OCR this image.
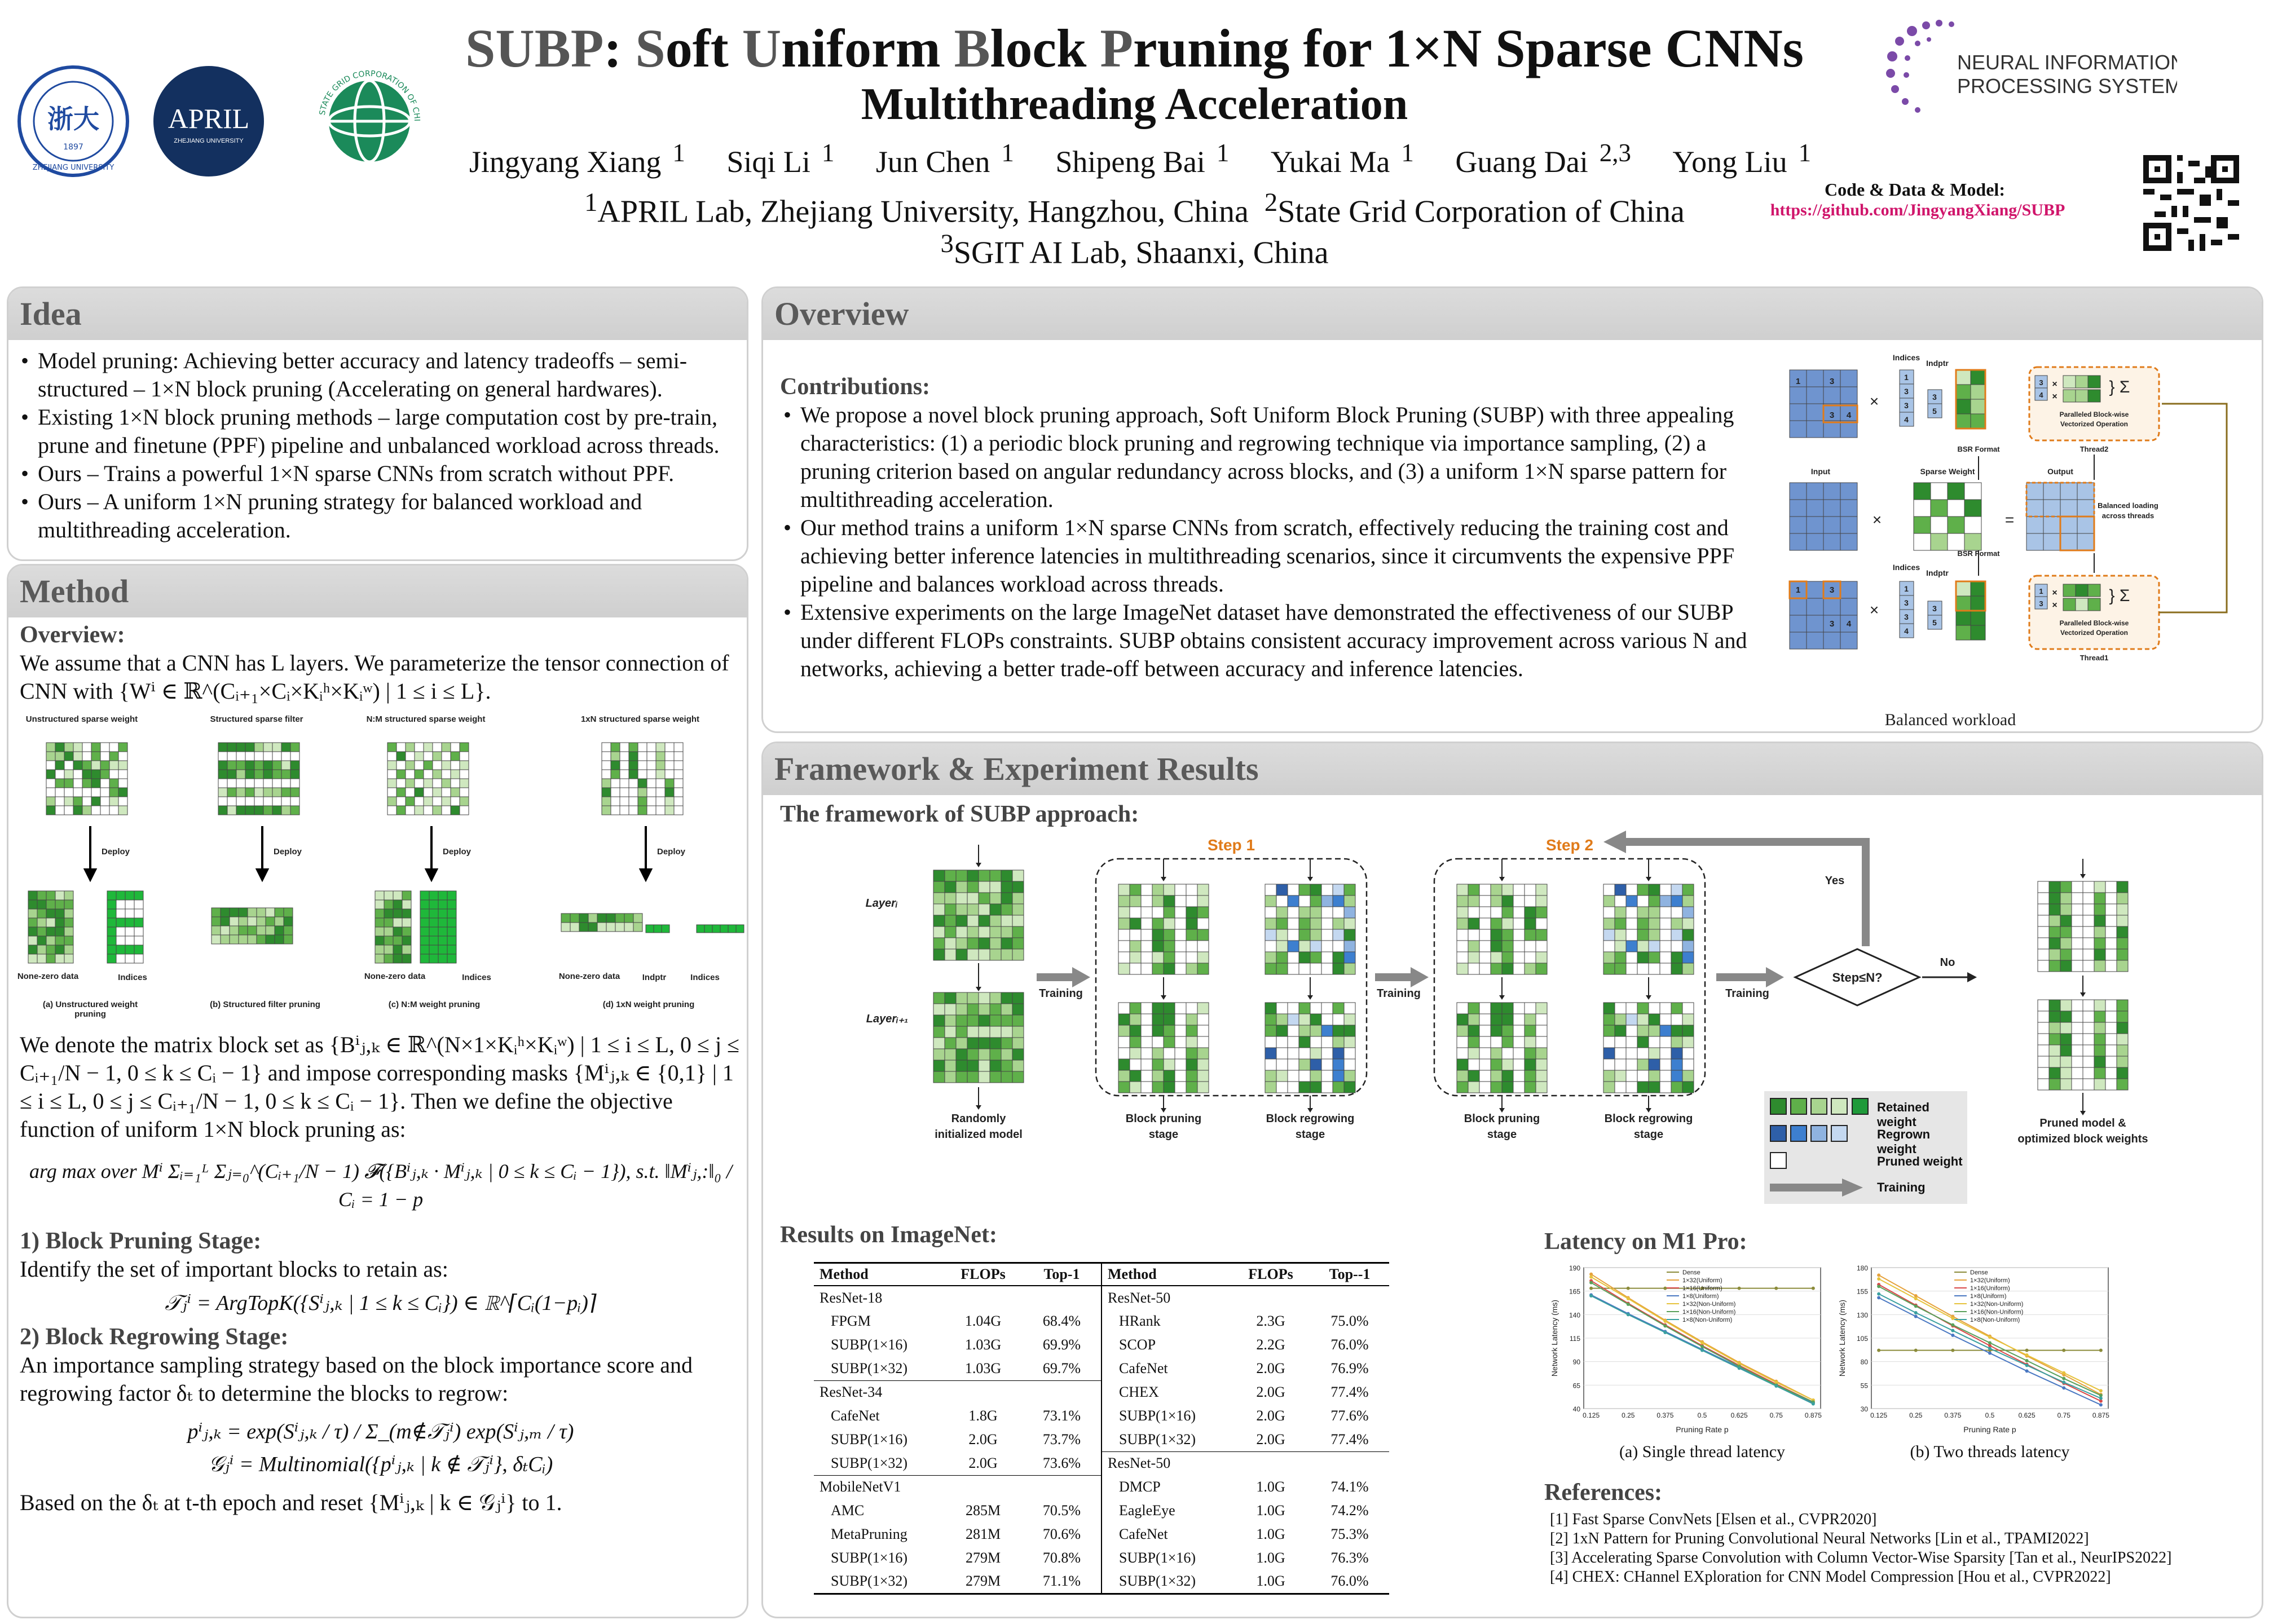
浙大
1897
ZHEJIANG UNIVERSITY
APRIL
ZHEJIANG UNIVERSITY
STATE GRID CORPORATION OF CHI
SUBP: Soft Uniform Block Pruning for 1×N Sparse CNNs
Multithreading Acceleration
Jingyang Xiang $^1$ Siqi Li $^1$ Jun Chen $^1$ Shipeng Bai $^1$ Yukai Ma $^1$ Guang Dai $^{2,3}$ Yong Liu $^1$
$^1$APRIL Lab, Zhejiang University, Hangzhou, China $^2$State Grid Corporation of China
$^3$SGIT AI Lab, Shaanxi, China
NEURAL INFORMATION
PROCESSING SYSTEMS
Code & Data & Model:
https://github.com/JingyangXiang/SUBP
Idea
• Model pruning: Achieving better accuracy and latency tradeoffs – semi-structured – 1×N block pruning (Accelerating on general hardwares).
• Existing 1×N block pruning methods – large computation cost by pre-train, prune and finetune (PPF) pipeline and unbalanced workload across threads.
• Ours – Trains a powerful 1×N sparse CNNs from scratch without PPF.
• Ours – A uniform 1×N pruning strategy for balanced workload and multithreading acceleration.
Method
Overview:
We assume that a CNN has L layers. We parameterize the tensor connection of CNN with {Wⁱ ∈ ℝ^(Cᵢ₊₁×Cᵢ×Kᵢʰ×Kᵢʷ) | 1 ≤ i ≤ L}.
Unstructured sparse weight	Structured sparse filter	N:M structured sparse weight	1xN structured sparse weight
Deploy	Deploy	Deploy	Deploy
None-zero data	Indices	None-zero data	None-zero data	Indptr	Indices
Indices
(a) Unstructured weight pruning
(b) Structured filter pruning	(c) N:M weight pruning	(d) 1xN weight pruning
We denote the matrix block set as {Bⁱⱼ,ₖ ∈ ℝ^(N×1×Kᵢʰ×Kᵢʷ) | 1 ≤ i ≤ L, 0 ≤ j ≤ Cᵢ₊₁/N − 1, 0 ≤ k ≤ Cᵢ − 1} and impose corresponding masks {Mⁱⱼ,ₖ ∈ {0,1} | 1 ≤ i ≤ L, 0 ≤ j ≤ Cᵢ₊₁/N − 1, 0 ≤ k ≤ Cᵢ − 1}. Then we define the objective function of uniform 1×N block pruning as:
arg max over Mⁱ Σᵢ₌₁ᴸ Σⱼ₌₀^(Cᵢ₊₁/N − 1) 𝓕({Bⁱⱼ,ₖ · Mⁱⱼ,ₖ | 0 ≤ k ≤ Cᵢ − 1}), s.t. ‖Mⁱⱼ,:‖₀ / Cᵢ = 1 − p
1) Block Pruning Stage:
Identify the set of important blocks to retain as:
𝒯ⱼⁱ = ArgTopK({Sⁱⱼ,ₖ | 1 ≤ k ≤ Cᵢ}) ∈ ℝ^⌈Cᵢ(1−pᵢ)⌉
2) Block Regrowing Stage:
An importance sampling strategy based on the block importance score and regrowing factor δₜ to determine the blocks to regrow:
pⁱⱼ,ₖ = exp(Sⁱⱼ,ₖ / τ) / Σ_(m∉𝒯ⱼⁱ) exp(Sⁱⱼ,ₘ / τ)
𝒢ⱼⁱ = Multinomial({pⁱⱼ,ₖ | k ∉ 𝒯ⱼⁱ}, δₜCᵢ)
Based on the δₜ at t-th epoch and reset {Mⁱⱼ,ₖ | k ∈ 𝒢ⱼⁱ} to 1.
Overview
Contributions:
• We propose a novel block pruning approach, Soft Uniform Block Pruning (SUBP) with three appealing characteristics: (1) a periodic block pruning and regrowing technique via importance sampling, (2) a pruning criterion based on angular redundancy across blocks, and (3) a uniform 1×N sparse pattern for multithreading acceleration.
• Our method trains a uniform 1×N sparse CNNs from scratch, effectively reducing the training cost and achieving better inference latencies in multithreading scenarios, since it circumvents the expensive PPF pipeline and balances workload across threads.
• Extensive experiments on the large ImageNet dataset have demonstrated the effectiveness of our SUBP under different FLOPs constraints. SUBP obtains consistent accuracy improvement across various N and networks, achieving a better trade-off between accuracy and inference latencies.
1	3
3 4
×
Indices
Indptr
1
3
3
4
3
5
BSR Format
3
4
×
×
} Σ
Paralleled Block-wise
Vectorized Operation
Thread2
Input
×
Sparse Weight
=
Output
Balanced loading
across threads
1	3
3 4
×
Indices
Indptr
1
3
3
4
3
5
BSR Format
1
3
×
×
} Σ
Paralleled Block-wise
Vectorized Operation
Thread1
Balanced workload
Framework & Experiment Results
The framework of SUBP approach:
Layerᵢ
Layerᵢ₊₁
Randomly
initialized model
Training
Step 1
Block pruning
stage
Block regrowing
stage
Training
Step 2
Block pruning
stage
Block regrowing
stage
Training
Step≤N?
Yes
No
Pruned model &
optimized block weights

Retained weight
Regrown weight
Pruned weight
Training
Results on ImageNet:
Method	FLOPs	Top-1	Method	FLOPs	Top--1
ResNet-18			ResNet-50		
FPGM	1.04G	68.4%	HRank	2.3G	75.0%
SUBP(1×16)	1.03G	69.9%	SCOP	2.2G	76.0%
SUBP(1×32)	1.03G	69.7%	CafeNet	2.0G	76.9%
ResNet-34			CHEX	2.0G	77.4%
CafeNet	1.8G	73.1%	SUBP(1×16)	2.0G	77.6%
SUBP(1×16)	2.0G	73.7%	SUBP(1×32)	2.0G	77.4%
SUBP(1×32)	2.0G	73.6%	ResNet-50		
MobileNetV1			DMCP	1.0G	74.1%
AMC	285M	70.5%	EagleEye	1.0G	74.2%
MetaPruning	281M	70.6%	CafeNet	1.0G	75.3%
SUBP(1×16)	279M	70.8%	SUBP(1×16)	1.0G	76.3%
SUBP(1×32)	279M	71.1%	SUBP(1×32)	1.0G	76.0%
Latency on M1 Pro:
40
65
90
115
140
165
190
0.125	0.25	0.375	0.5	0.625	0.75	0.875
Pruning Rate p
Network Latency (ms)
Dense
1×32(Uniform)
1×16(Uniform)
1×8(Uniform)
1×32(Non-Uniform)
1×16(Non-Uniform)
1×8(Non-Uniform)
30
55
80
105
130
155
180
0.125	0.25	0.375	0.5	0.625	0.75	0.875
Pruning Rate p
Network Latency (ms)
Dense
1×32(Uniform)
1×16(Uniform)
1×8(Uniform)
1×32(Non-Uniform)
1×16(Non-Uniform)
1×8(Non-Uniform)
(a) Single thread latency	(b) Two threads latency
References:
[1] Fast Sparse ConvNets [Elsen et al., CVPR2020]
[2] 1xN Pattern for Pruning Convolutional Neural Networks [Lin et al., TPAMI2022]
[3] Accelerating Sparse Convolution with Column Vector-Wise Sparsity [Tan et al., NeurIPS2022]
[4] CHEX: CHannel EXploration for CNN Model Compression [Hou et al., CVPR2022]
